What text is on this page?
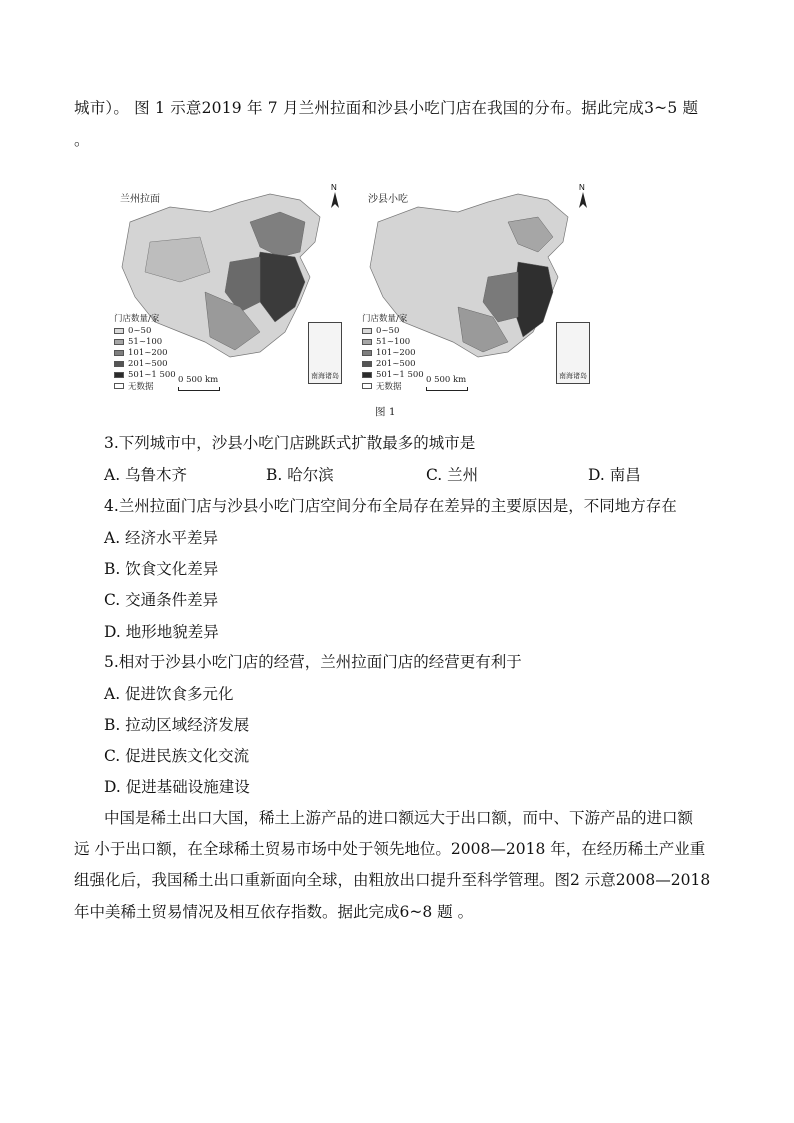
城市）。 图 1 示意2019 年 7 月兰州拉面和沙县小吃门店在我国的分布。据此完成3~5 题
。
兰州拉面
N
门店数量/家
0~50
51~100
101~200
201~500
501~1 500
无数据
0 500 km	南海诸岛
沙县小吃
N
门店数量/家
0~50
51~100
101~200
201~500
501~1 500
无数据
0 500 km	南海诸岛
图 1
3.下列城市中，沙县小吃门店跳跃式扩散最多的城市是
A. 乌鲁木齐	B. 哈尔滨	C. 兰州	D. 南昌
4.兰州拉面门店与沙县小吃门店空间分布全局存在差异的主要原因是，不同地方存在
A. 经济水平差异
B. 饮食文化差异
C. 交通条件差异
D. 地形地貌差异
5.相对于沙县小吃门店的经营，兰州拉面门店的经营更有利于
A. 促进饮食多元化
B. 拉动区域经济发展
C. 促进民族文化交流
D. 促进基础设施建设
中国是稀土出口大国，稀土上游产品的进口额远大于出口额，而中、下游产品的进口额
远 小于出口额，在全球稀土贸易市场中处于领先地位。2008—2018 年，在经历稀土产业重
组强化后，我国稀土出口重新面向全球，由粗放出口提升至科学管理。图2 示意2008—2018
年中美稀土贸易情况及相互依存指数。据此完成6~8 题 。
